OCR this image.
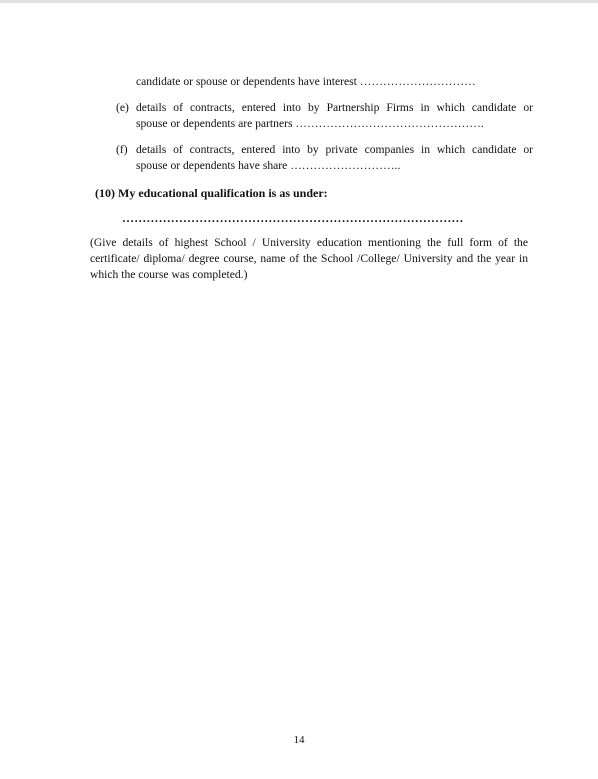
candidate or spouse or dependents have interest …………………………
(e) details of contracts, entered into by Partnership Firms in which candidate or
spouse or dependents are partners ………………………………………….
(f) details of contracts, entered into by private companies in which candidate or
spouse or dependents have share ………………………..
(10) My educational qualification is as under:
…………………………………………………………………………
(Give details of highest School / University education mentioning the full form of the certificate/ diploma/ degree course, name of the School /College/ University and the year in which the course was completed.)
14
